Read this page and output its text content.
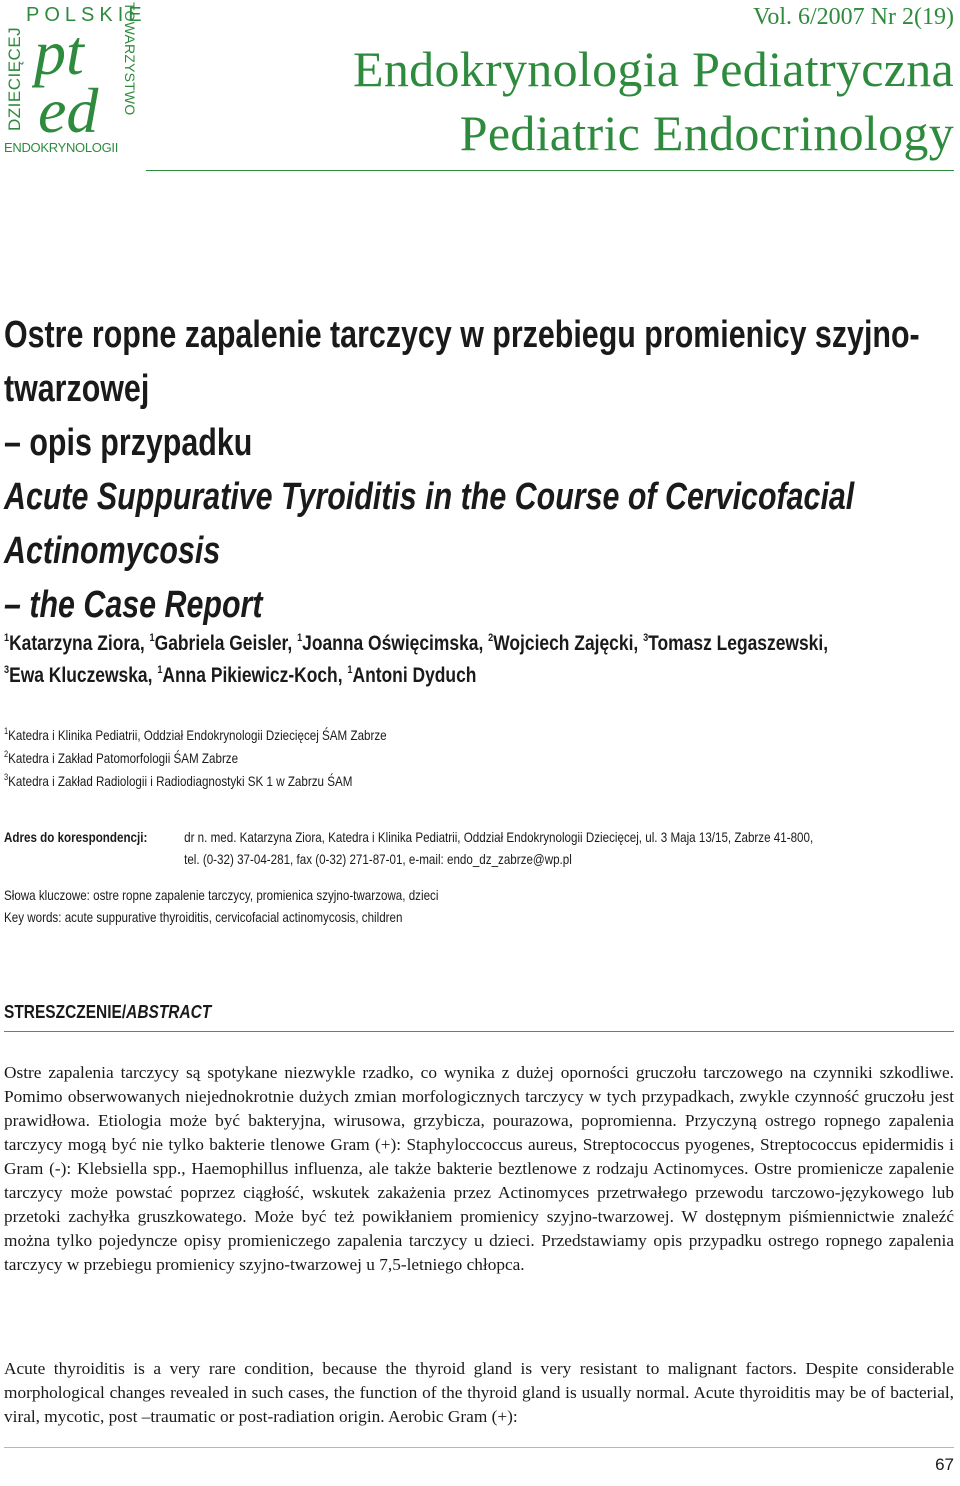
POLSKIE
DZIECIĘCEJ	TOWARZYSTWO
pt
ed
ENDOKRYNOLOGII
Vol. 6/2007 Nr 2(19)
Endokrynologia Pediatryczna
Pediatric Endocrinology
Ostre ropne zapalenie tarczycy w przebiegu promienicy szyjno-twarzowej
– opis przypadku
Acute Suppurative Tyroiditis in the Course of Cervicofacial Actinomycosis
– the Case Report
$^1$Katarzyna Ziora, $^1$Gabriela Geisler, $^1$Joanna Oświęcimska, $^2$Wojciech Zajęcki, $^3$Tomasz Legaszewski,
$^3$Ewa Kluczewska, $^1$Anna Pikiewicz-Koch, $^1$Antoni Dyduch
$^1$Katedra i Klinika Pediatrii, Oddział Endokrynologii Dziecięcej ŚAM Zabrze
$^2$Katedra i Zakład Patomorfologii ŚAM Zabrze
$^3$Katedra i Zakład Radiologii i Radiodiagnostyki SK 1 w Zabrzu ŚAM
Adres do korespondencji:	dr n. med. Katarzyna Ziora, Katedra i Klinika Pediatrii, Oddział Endokrynologii Dziecięcej, ul. 3 Maja 13/15, Zabrze 41-800,
tel. (0-32) 37-04-281, fax (0-32) 271-87-01, e-mail: endo_dz_zabrze@wp.pl
Słowa kluczowe: ostre ropne zapalenie tarczycy, promienica szyjno-twarzowa, dzieci
Key words: acute suppurative thyroiditis, cervicofacial actinomycosis, children
STRESZCZENIE/ABSTRACT
Ostre zapalenia tarczycy są spotykane niezwykle rzadko, co wynika z dużej oporności gruczołu tarczowego na czynniki szkodliwe. Pomimo obserwowanych niejednokrotnie dużych zmian morfologicznych tarczycy w tych przypadkach, zwykle czynność gruczołu jest prawidłowa. Etiologia może być bakteryjna, wirusowa, grzybicza, pourazowa, popromienna. Przyczyną ostrego ropnego zapalenia tarczycy mogą być nie tylko bakterie tlenowe Gram (+): Staphyloccoccus aureus, Streptococcus pyogenes, Streptococcus epidermidis i Gram (-): Klebsiella spp., Haemophillus influenza, ale także bakterie beztlenowe z rodzaju Actinomyces. Ostre promienicze zapalenie tarczycy może powstać poprzez ciągłość, wskutek zakażenia przez Actinomyces przetrwałego przewodu tarczowo-językowego lub przetoki zachyłka gruszkowatego. Może być też powikłaniem promienicy szyjno-twarzowej. W dostępnym piśmiennictwie znaleźć można tylko pojedyncze opisy promieniczego zapalenia tarczycy u dzieci. Przedstawiamy opis przypadku ostrego ropnego zapalenia tarczycy w przebiegu promienicy szyjno-twarzowej u 7,5-letniego chłopca.
Acute thyroiditis is a very rare condition, because the thyroid gland is very resistant to malignant factors. Despite considerable morphological changes revealed in such cases, the function of the thyroid gland is usually normal. Acute thyroiditis may be of bacterial, viral, mycotic, post –traumatic or post-radiation origin. Aerobic Gram (+):
67
